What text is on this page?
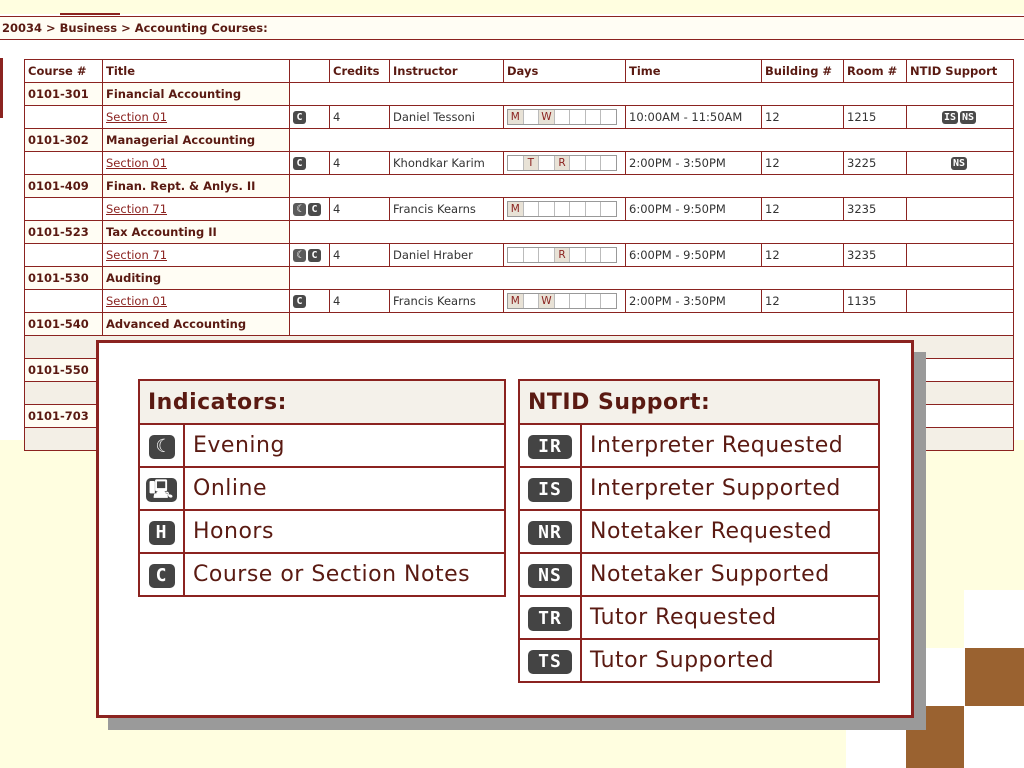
20034 > Business > Accounting Courses:
Course #	Title		Credits	Instructor	Days	Time	Building #	Room #	NTID Support
0101-301	Financial Accounting								
	Section 01	C	4	Daniel Tessoni	M W	10:00AM - 11:50AM	12	1215	IS NS
0101-302	Managerial Accounting								
	Section 01	C	4	Khondkar Karim	T R	2:00PM - 3:50PM	12	3225	NS
0101-409	Finan. Rept. & Anlys. II								
	Section 71	☾ C	4	Francis Kearns	M	6:00PM - 9:50PM	12	3235	
0101-523	Tax Accounting II								
	Section 71	☾ C	4	Daniel Hraber	R	6:00PM - 9:50PM	12	3235	
0101-530	Auditing								
	Section 01	C	4	Francis Kearns	M W	2:00PM - 3:50PM	12	1135	
0101-540	Advanced Accounting								

0101-550									

0101-703									

Indicators:	
☾	Evening
🖳	Online
H	Honors
C	Course or Section Notes
NTID Support:	
IR	Interpreter Requested
IS	Interpreter Supported
NR	Notetaker Requested
NS	Notetaker Supported
TR	Tutor Requested
TS	Tutor Supported
